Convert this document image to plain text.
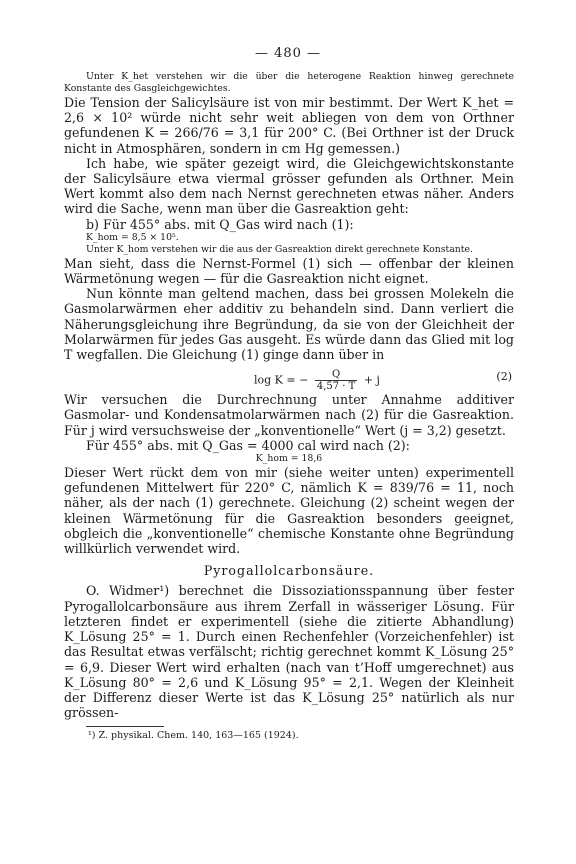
— 480 —

Unter K_het verstehen wir die über die heterogene Reaktion hinweg gerechnete Konstante des Gasgleichgewichtes.

Die Tension der Salicylsäure ist von mir bestimmt. Der Wert K_het = 2,6 × 10² würde nicht sehr weit abliegen von dem von Orthner gefundenen K = 266/76 = 3,1 für 200° C. (Bei Orthner ist der Druck nicht in Atmosphären, sondern in cm Hg gemessen.)

Ich habe, wie später gezeigt wird, die Gleichgewichtskonstante der Salicylsäure etwa viermal grösser gefunden als Orthner. Mein Wert kommt also dem nach Nernst gerechneten etwas näher. Anders wird die Sache, wenn man über die Gasreaktion geht:

b) Für 455° abs. mit Q_Gas wird nach (1):

K_hom = 8,5 × 10⁵.

Unter K_hom verstehen wir die aus der Gasreaktion direkt gerechnete Konstante.

Man sieht, dass die Nernst-Formel (1) sich — offenbar der kleinen Wärmetönung wegen — für die Gasreaktion nicht eignet.

Nun könnte man geltend machen, dass bei grossen Molekeln die Gasmolarwärmen eher additiv zu behandeln sind. Dann verliert die Näherungsgleichung ihre Begründung, da sie von der Gleichheit der Molarwärmen für jedes Gas ausgeht. Es würde dann das Glied mit log T wegfallen. Die Gleichung (1) ginge dann über in

log K = − $\frac{Q}{4,57 \cdot T} + j$	(2)

Wir versuchen die Durchrechnung unter Annahme additiver Gasmolar- und Kondensatmolarwärmen nach (2) für die Gasreaktion. Für j wird versuchsweise der „konventionelle“ Wert (j = 3,2) gesetzt.

Für 455° abs. mit Q_Gas = 4000 cal wird nach (2):

K_hom = 18,6

Dieser Wert rückt dem von mir (siehe weiter unten) experimentell gefundenen Mittelwert für 220° C, nämlich K = 839/76 = 11, noch näher, als der nach (1) gerechnete. Gleichung (2) scheint wegen der kleinen Wärmetönung für die Gasreaktion besonders geeignet, obgleich die „konventionelle“ chemische Konstante ohne Begründung willkürlich verwendet wird.

Pyrogallolcarbonsäure.

O. Widmer¹) berechnet die Dissoziationsspannung über fester Pyrogallolcarbonsäure aus ihrem Zerfall in wässeriger Lösung. Für letzteren findet er experimentell (siehe die zitierte Abhandlung) K_Lösung 25° = 1. Durch einen Rechenfehler (Vorzeichenfehler) ist das Resultat etwas verfälscht; richtig gerechnet kommt K_Lösung 25° = 6,9. Dieser Wert wird erhalten (nach van t’Hoff umgerechnet) aus K_Lösung 80° = 2,6 und K_Lösung 95° = 2,1. Wegen der Kleinheit der Differenz dieser Werte ist das K_Lösung 25° natürlich als nur grössen-

¹) Z. physikal. Chem. 140, 163—165 (1924).
